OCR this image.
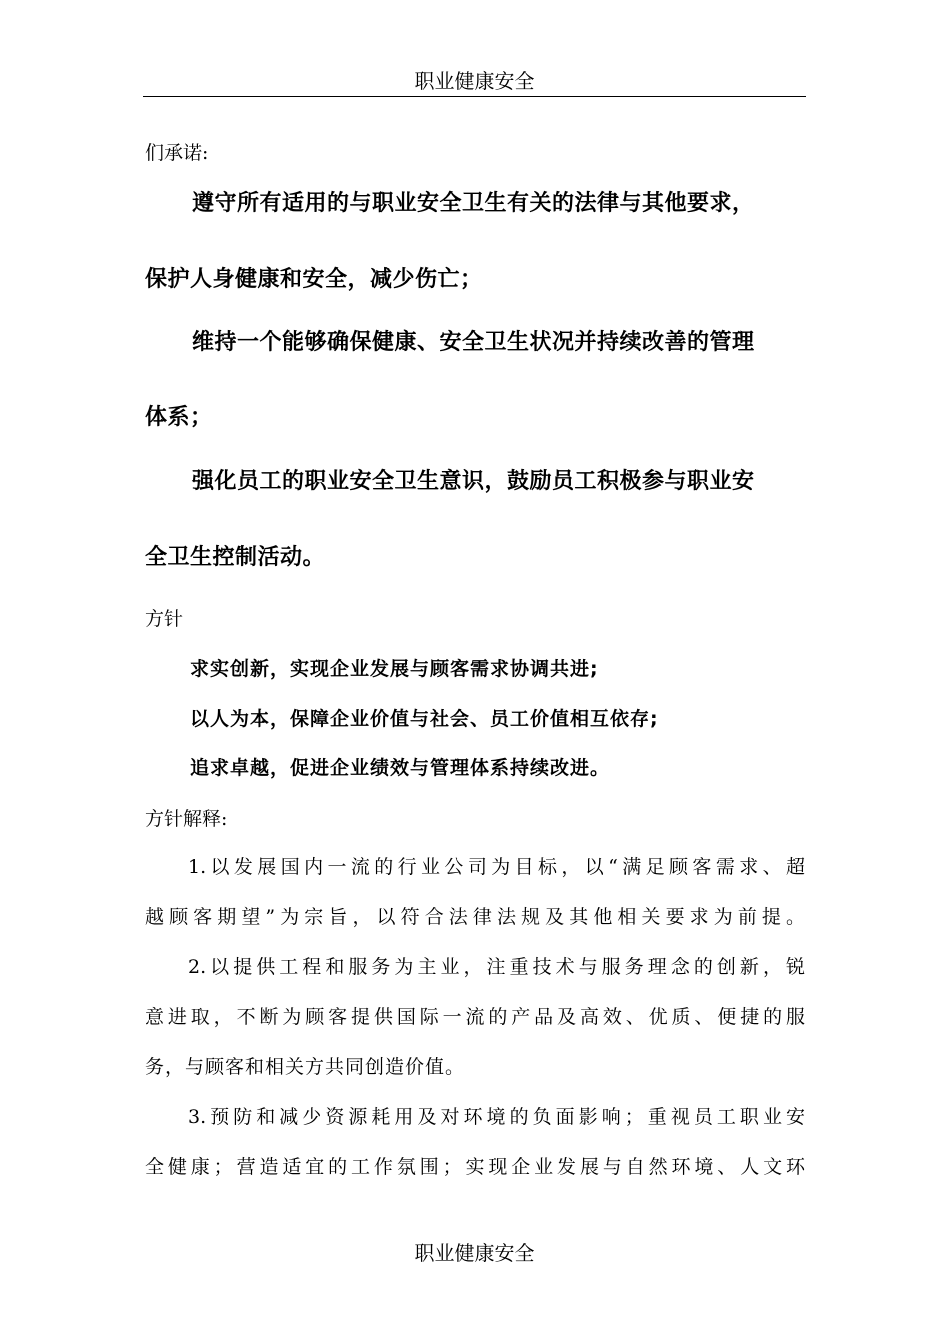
职业健康安全
们承诺:
遵守所有适用的与职业安全卫生有关的法律与其他要求，
保护人身健康和安全，减少伤亡；
维持一个能够确保健康、安全卫生状况并持续改善的管理
体系；
强化员工的职业安全卫生意识，鼓励员工积极参与职业安
全卫生控制活动。
方针
求实创新，实现企业发展与顾客需求协调共进;
以人为本，保障企业价值与社会、员工价值相互依存;
追求卓越，促进企业绩效与管理体系持续改进。
方针解释:
1.以发展国内一流的行业公司为目标，以“满足顾客需求、超
越顾客期望”为宗旨，以符合法律法规及其他相关要求为前提。
2.以提供工程和服务为主业，注重技术与服务理念的创新，锐
意进取，不断为顾客提供国际一流的产品及高效、优质、便捷的服
务，与顾客和相关方共同创造价值。
3.预防和减少资源耗用及对环境的负面影响；重视员工职业安
全健康；营造适宜的工作氛围；实现企业发展与自然环境、人文环
职业健康安全
